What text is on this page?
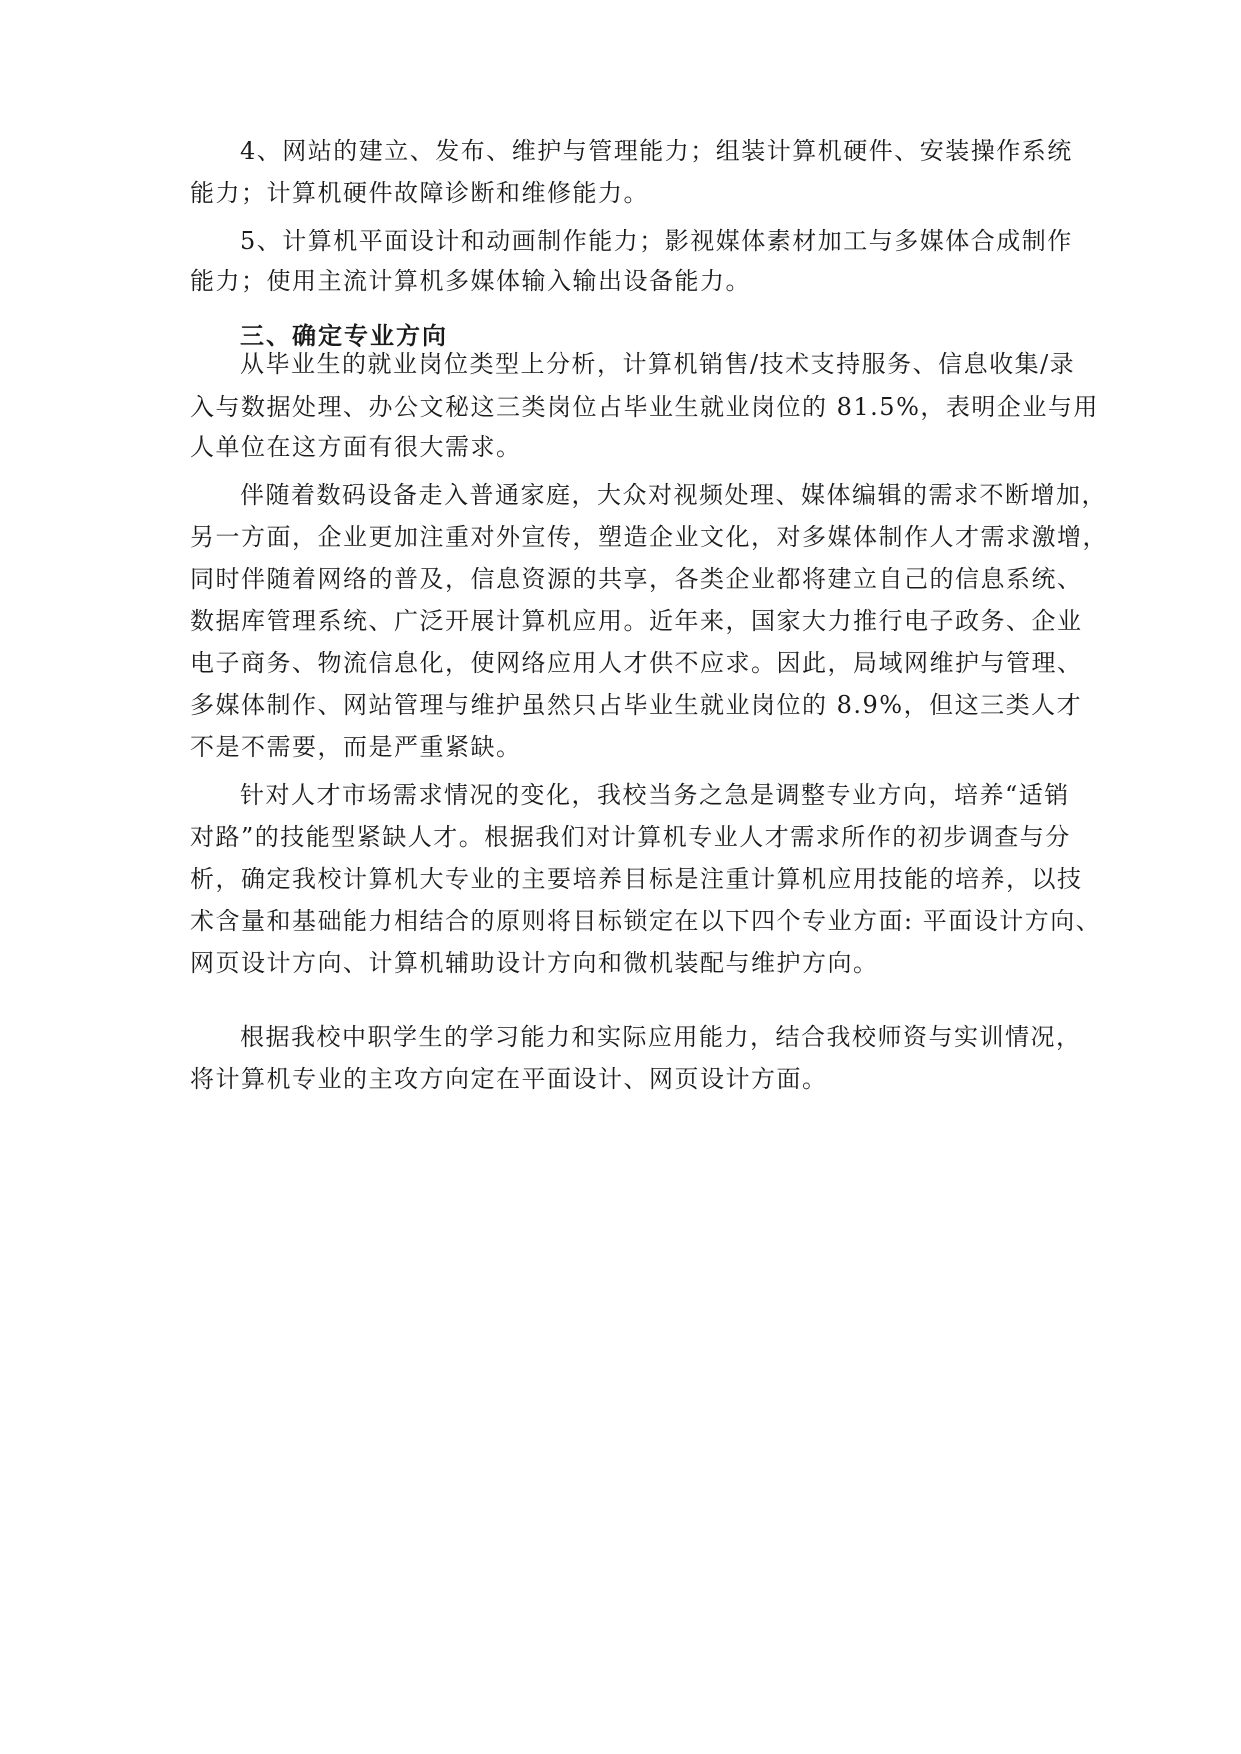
4、网站的建立、发布、维护与管理能力；组装计算机硬件、安装操作系统
能力；计算机硬件故障诊断和维修能力。
5、计算机平面设计和动画制作能力；影视媒体素材加工与多媒体合成制作
能力；使用主流计算机多媒体输入输出设备能力。
三、确定专业方向
从毕业生的就业岗位类型上分析，计算机销售/技术支持服务、信息收集/录
入与数据处理、办公文秘这三类岗位占毕业生就业岗位的 81.5%，表明企业与用
人单位在这方面有很大需求。
伴随着数码设备走入普通家庭，大众对视频处理、媒体编辑的需求不断增加，
另一方面，企业更加注重对外宣传，塑造企业文化，对多媒体制作人才需求激增，
同时伴随着网络的普及，信息资源的共享，各类企业都将建立自己的信息系统、
数据库管理系统、广泛开展计算机应用。近年来，国家大力推行电子政务、企业
电子商务、物流信息化，使网络应用人才供不应求。因此，局域网维护与管理、
多媒体制作、网站管理与维护虽然只占毕业生就业岗位的 8.9%，但这三类人才
不是不需要，而是严重紧缺。
针对人才市场需求情况的变化，我校当务之急是调整专业方向，培养“适销
对路”的技能型紧缺人才。根据我们对计算机专业人才需求所作的初步调查与分
析，确定我校计算机大专业的主要培养目标是注重计算机应用技能的培养，以技
术含量和基础能力相结合的原则将目标锁定在以下四个专业方面: 平面设计方向、
网页设计方向、计算机辅助设计方向和微机装配与维护方向。
根据我校中职学生的学习能力和实际应用能力，结合我校师资与实训情况，
将计算机专业的主攻方向定在平面设计、网页设计方面。
